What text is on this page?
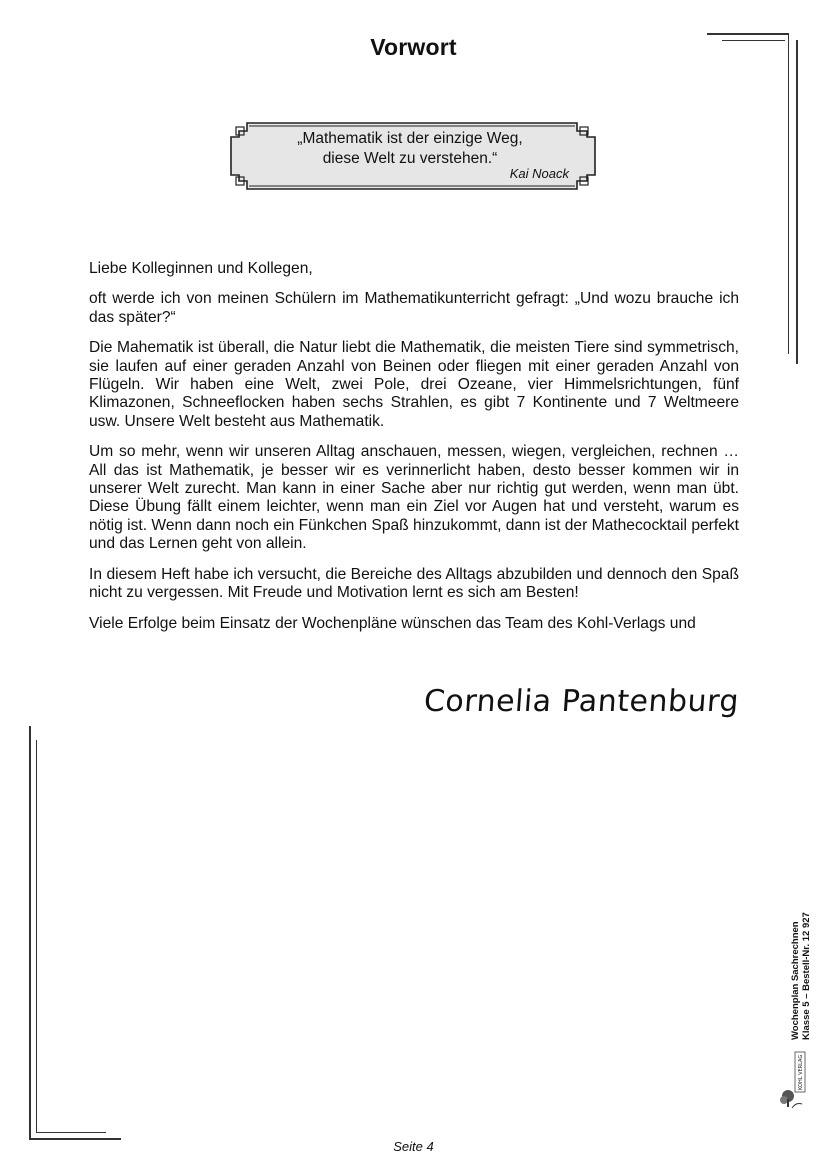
Vorwort
„Mathematik ist der einzige Weg,
diese Welt zu verstehen.“
Kai Noack

Liebe Kolleginnen und Kollegen,

oft werde ich von meinen Schülern im Mathematikunterricht gefragt: „Und wozu brauche ich das später?“

Die Mahematik ist überall, die Natur liebt die Mathematik, die meisten Tiere sind symmetrisch, sie laufen auf einer geraden Anzahl von Beinen oder fliegen mit einer geraden Anzahl von Flügeln. Wir haben eine Welt, zwei Pole, drei Ozeane, vier Himmelsrichtungen, fünf Klimazonen, Schneeflocken haben sechs Strahlen, es gibt 7 Kontinente und 7 Weltmeere usw. Unsere Welt besteht aus Mathematik.

Um so mehr, wenn wir unseren Alltag anschauen, messen, wiegen, vergleichen, rechnen … All das ist Mathematik, je besser wir es verinnerlicht haben, desto besser kommen wir in unserer Welt zurecht. Man kann in einer Sache aber nur richtig gut werden, wenn man übt. Diese Übung fällt einem leichter, wenn man ein Ziel vor Augen hat und versteht, warum es nötig ist. Wenn dann noch ein Fünkchen Spaß hinzukommt, dann ist der Mathecocktail perfekt und das Lernen geht von allein.

In diesem Heft habe ich versucht, die Bereiche des Alltags abzubilden und dennoch den Spaß nicht zu vergessen. Mit Freude und Motivation lernt es sich am Besten!

Viele Erfolge beim Einsatz der Wochenpläne wünschen das Team des Kohl-Verlags und

Cornelia Pantenburg
Wochenplan Sachrechnen Klasse 5 – Bestell-Nr. 12 927
KOHL VERLAG
Seite 4
